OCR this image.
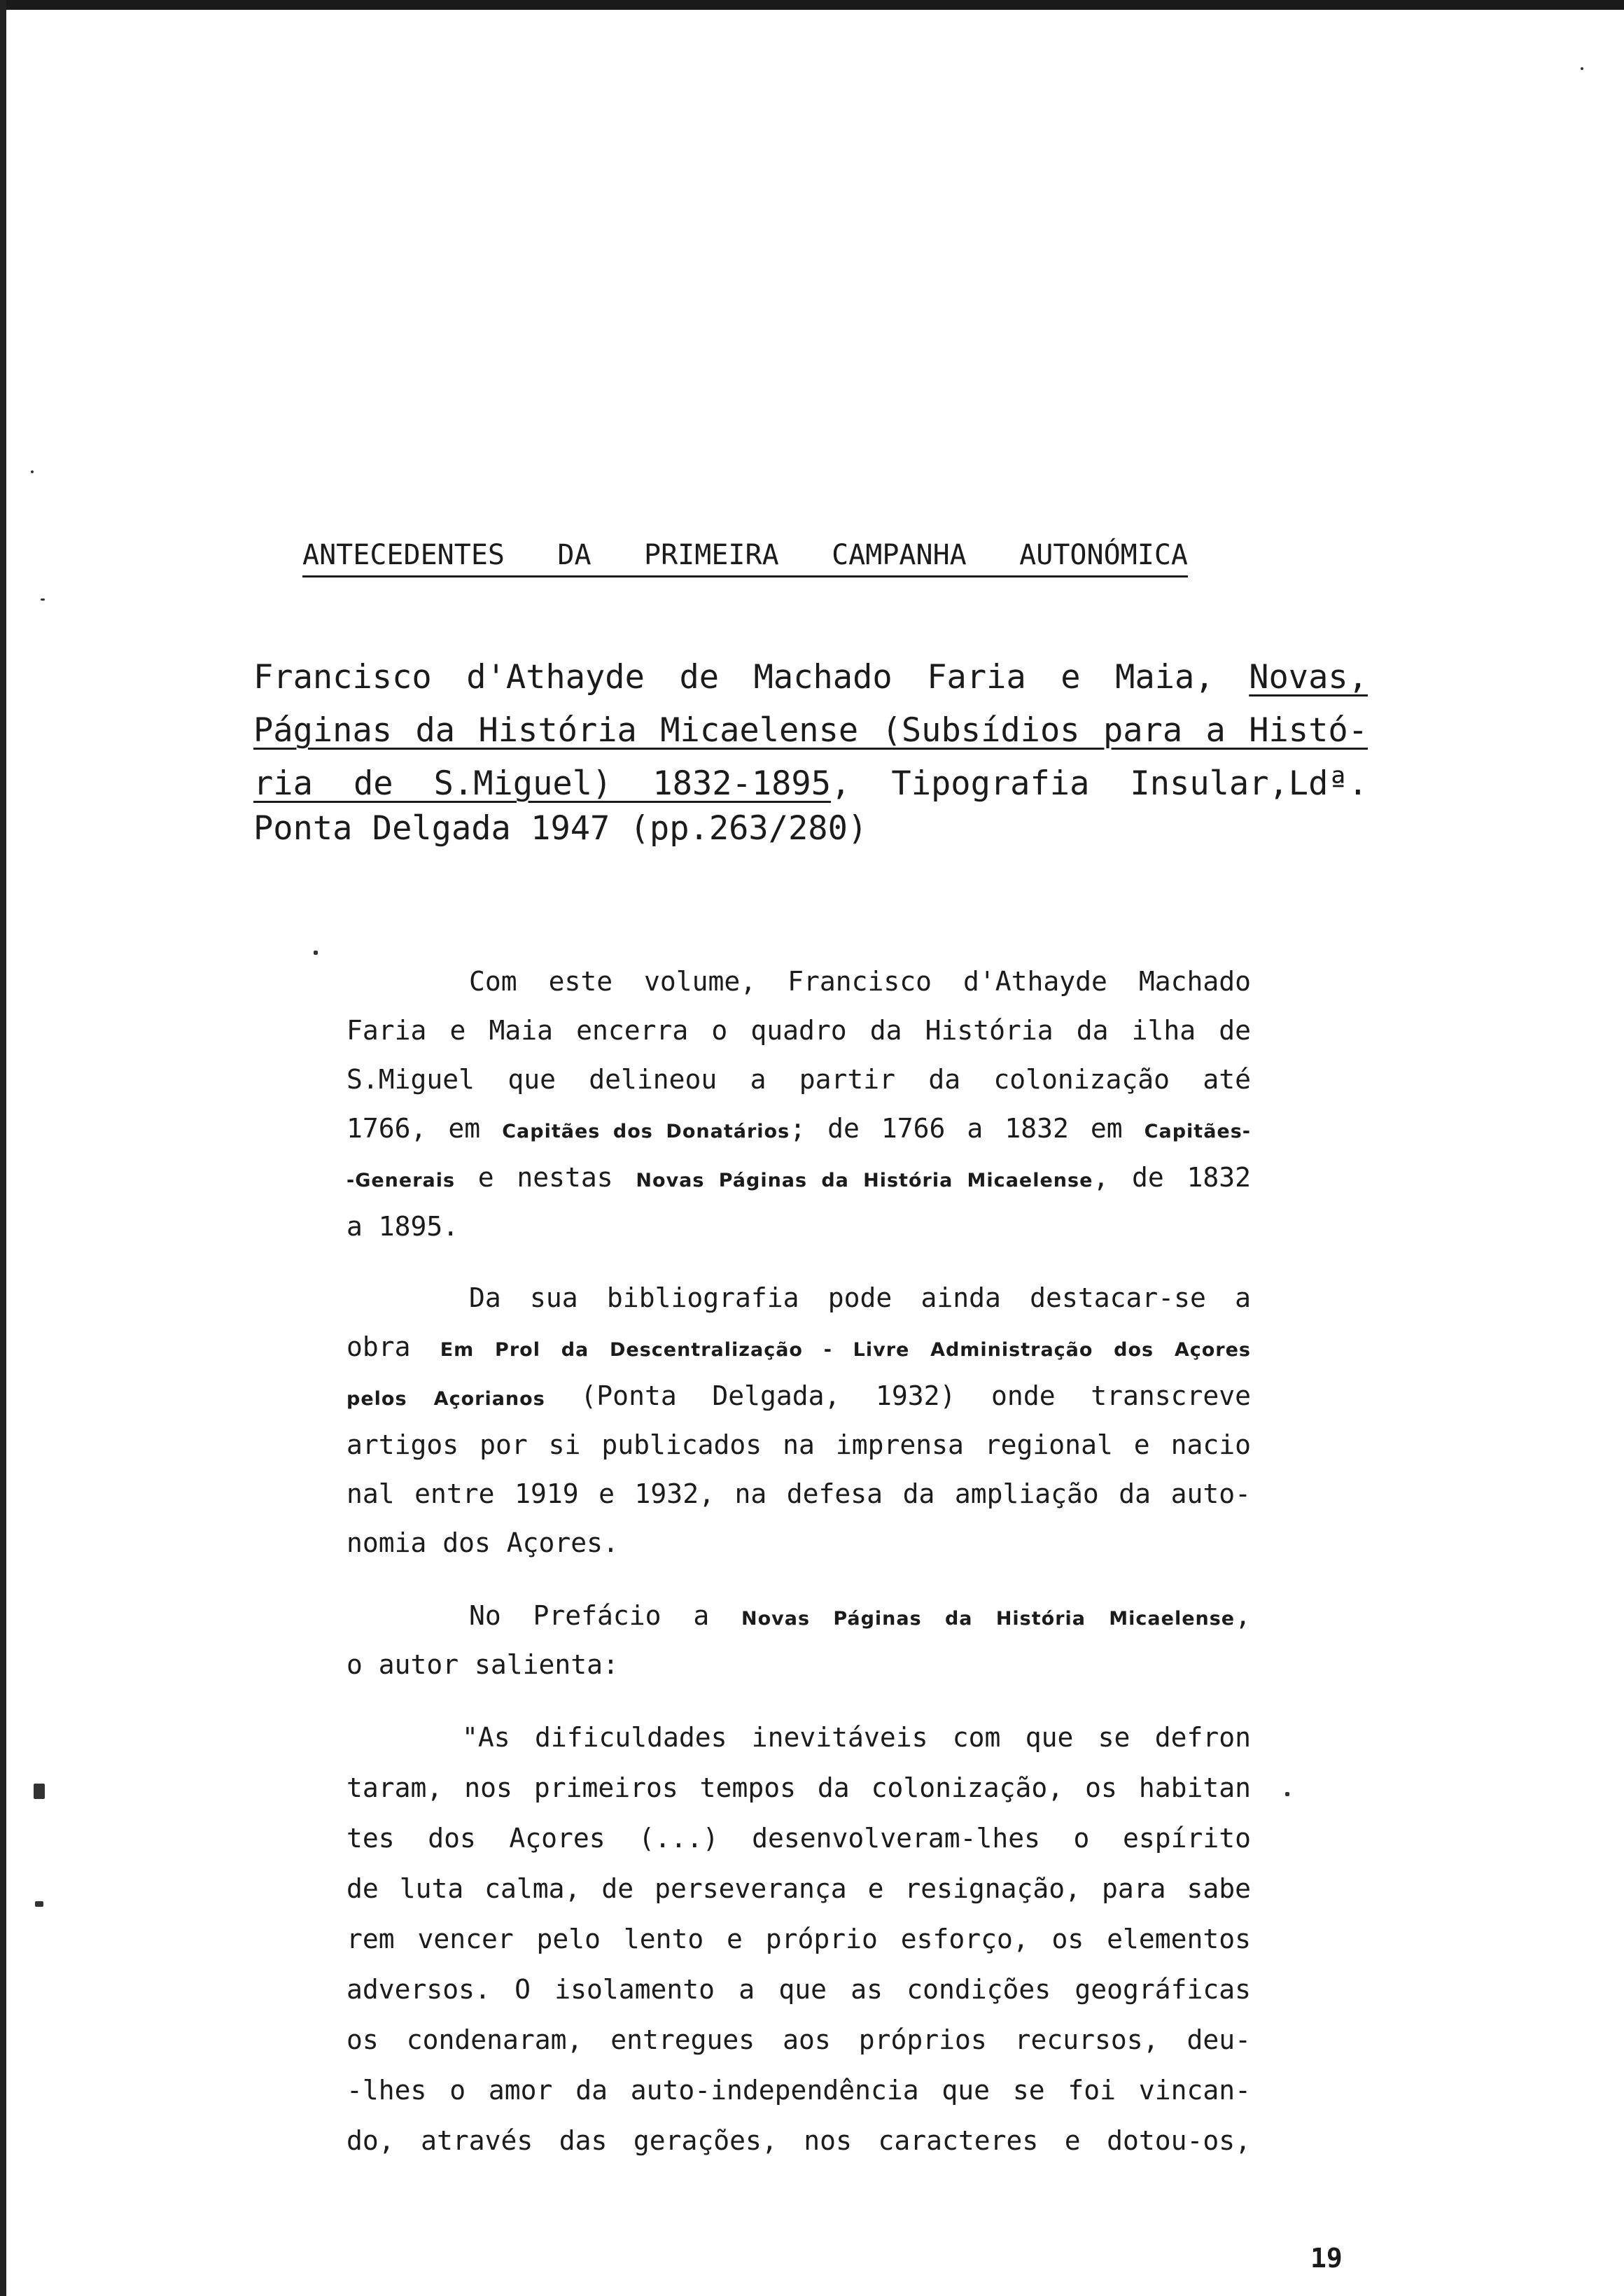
ANTECEDENTES DA PRIMEIRA CAMPANHA AUTONÓMICA
Francisco d'Athayde de Machado Faria e Maia, Novas,
Páginas da História Micaelense (Subsídios para a Histó-
ria de S.Miguel) 1832-1895, Tipografia Insular,Ldª.
Ponta Delgada 1947 (pp.263/280)
Com este volume, Francisco d'Athayde Machado
Faria e Maia encerra o quadro da História da ilha de
S.Miguel que delineou a partir da colonização até
1766, em Capitães dos Donatários; de 1766 a 1832 em Capitães-
-Generais e nestas Novas Páginas da História Micaelense, de 1832
a 1895.
Da sua bibliografia pode ainda destacar-se a
obra Em Prol da Descentralização - Livre Administração dos Açores
pelos Açorianos (Ponta Delgada, 1932) onde transcreve
artigos por si publicados na imprensa regional e nacio
nal entre 1919 e 1932, na defesa da ampliação da auto-
nomia dos Açores.
No Prefácio a Novas Páginas da História Micaelense,
o autor salienta:
"As dificuldades inevitáveis com que se defron
taram, nos primeiros tempos da colonização, os habitan
tes dos Açores (...) desenvolveram-lhes o espírito
de luta calma, de perseverança e resignação, para sabe
rem vencer pelo lento e próprio esforço, os elementos
adversos. O isolamento a que as condições geográficas
os condenaram, entregues aos próprios recursos, deu-
-lhes o amor da auto-independência que se foi vincan-
do, através das gerações, nos caracteres e dotou-os,
19
